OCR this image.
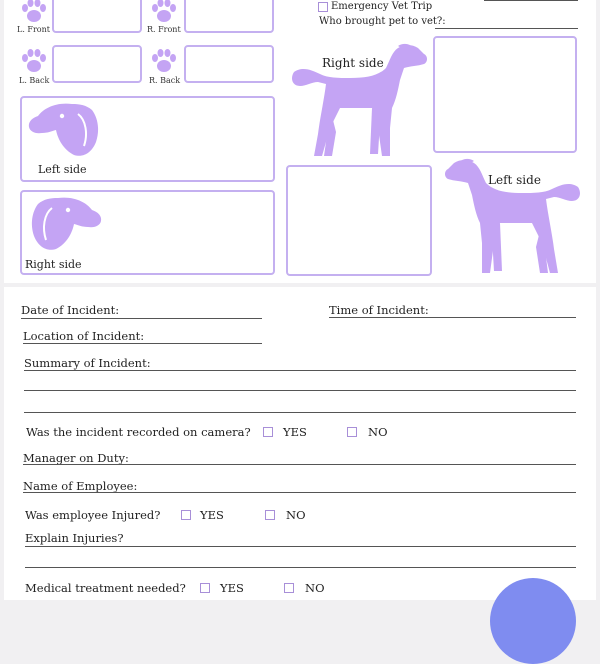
L. Front	R. Front
L. Back	R. Back
Left side
Right side
Emergency Vet Trip
Who brought pet to vet?:
Right side
Left side
Date of Incident:	Time of Incident:
Location of Incident:
Summary of Incident:
Was the incident recorded on camera?	YES	NO
Manager on Duty:
Name of Employee:
Was employee Injured?	YES	NO
Explain Injuries?
Medical treatment needed?	YES	NO
